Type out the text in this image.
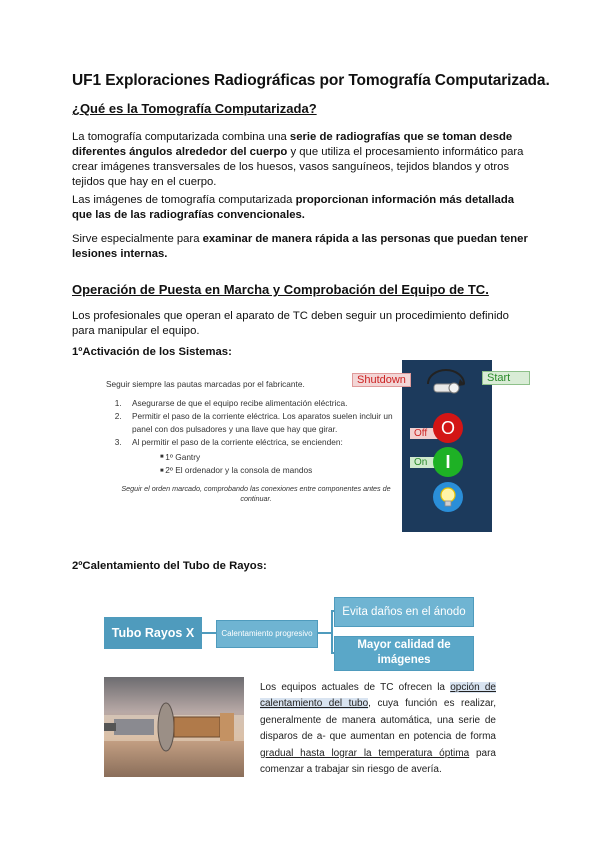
UF1 Exploraciones Radiográficas por Tomografía Computarizada.
¿Qué es la Tomografía Computarizada?
La tomografía computarizada combina una serie de radiografías que se toman desde diferentes ángulos alrededor del cuerpo y que utiliza el procesamiento informático para crear imágenes transversales de los huesos, vasos sanguíneos, tejidos blandos y otros tejidos que hay en el cuerpo.
Las imágenes de tomografía computarizada proporcionan información más detallada que las de las radiografías convencionales.
Sirve especialmente para examinar de manera rápida a las personas que puedan tener lesiones internas.
Operación de Puesta en Marcha y Comprobación del Equipo de TC.
Los profesionales que operan el aparato de TC deben seguir un procedimiento definido para manipular el equipo.
1ºActivación de los Sistemas:
Seguir siempre las pautas marcadas por el fabricante.
1. Asegurarse de que el equipo recibe alimentación eléctrica.
2. Permitir el paso de la corriente eléctrica. Los aparatos suelen incluir un panel con dos pulsadores y una llave que hay que girar.
3. Al permitir el paso de la corriente eléctrica, se encienden:
■ 1º Gantry
■ 2º El ordenador y la consola de mandos
Seguir el orden marcado, comprobando las conexiones entre componentes antes de continuar.
Shutdown	Start
Off
On
O
I
2ºCalentamiento del Tubo de Rayos:
Tubo Rayos X	Calentamiento progresivo
Evita daños en el ánodo
Mayor calidad de imágenes
Los equipos actuales de TC ofrecen la opción de calentamiento del tubo, cuya función es realizar, generalmente de manera automática, una serie de disparos de a- que aumentan en potencia de forma gradual hasta lograr la temperatura óptima para comenzar a trabajar sin riesgo de avería.
